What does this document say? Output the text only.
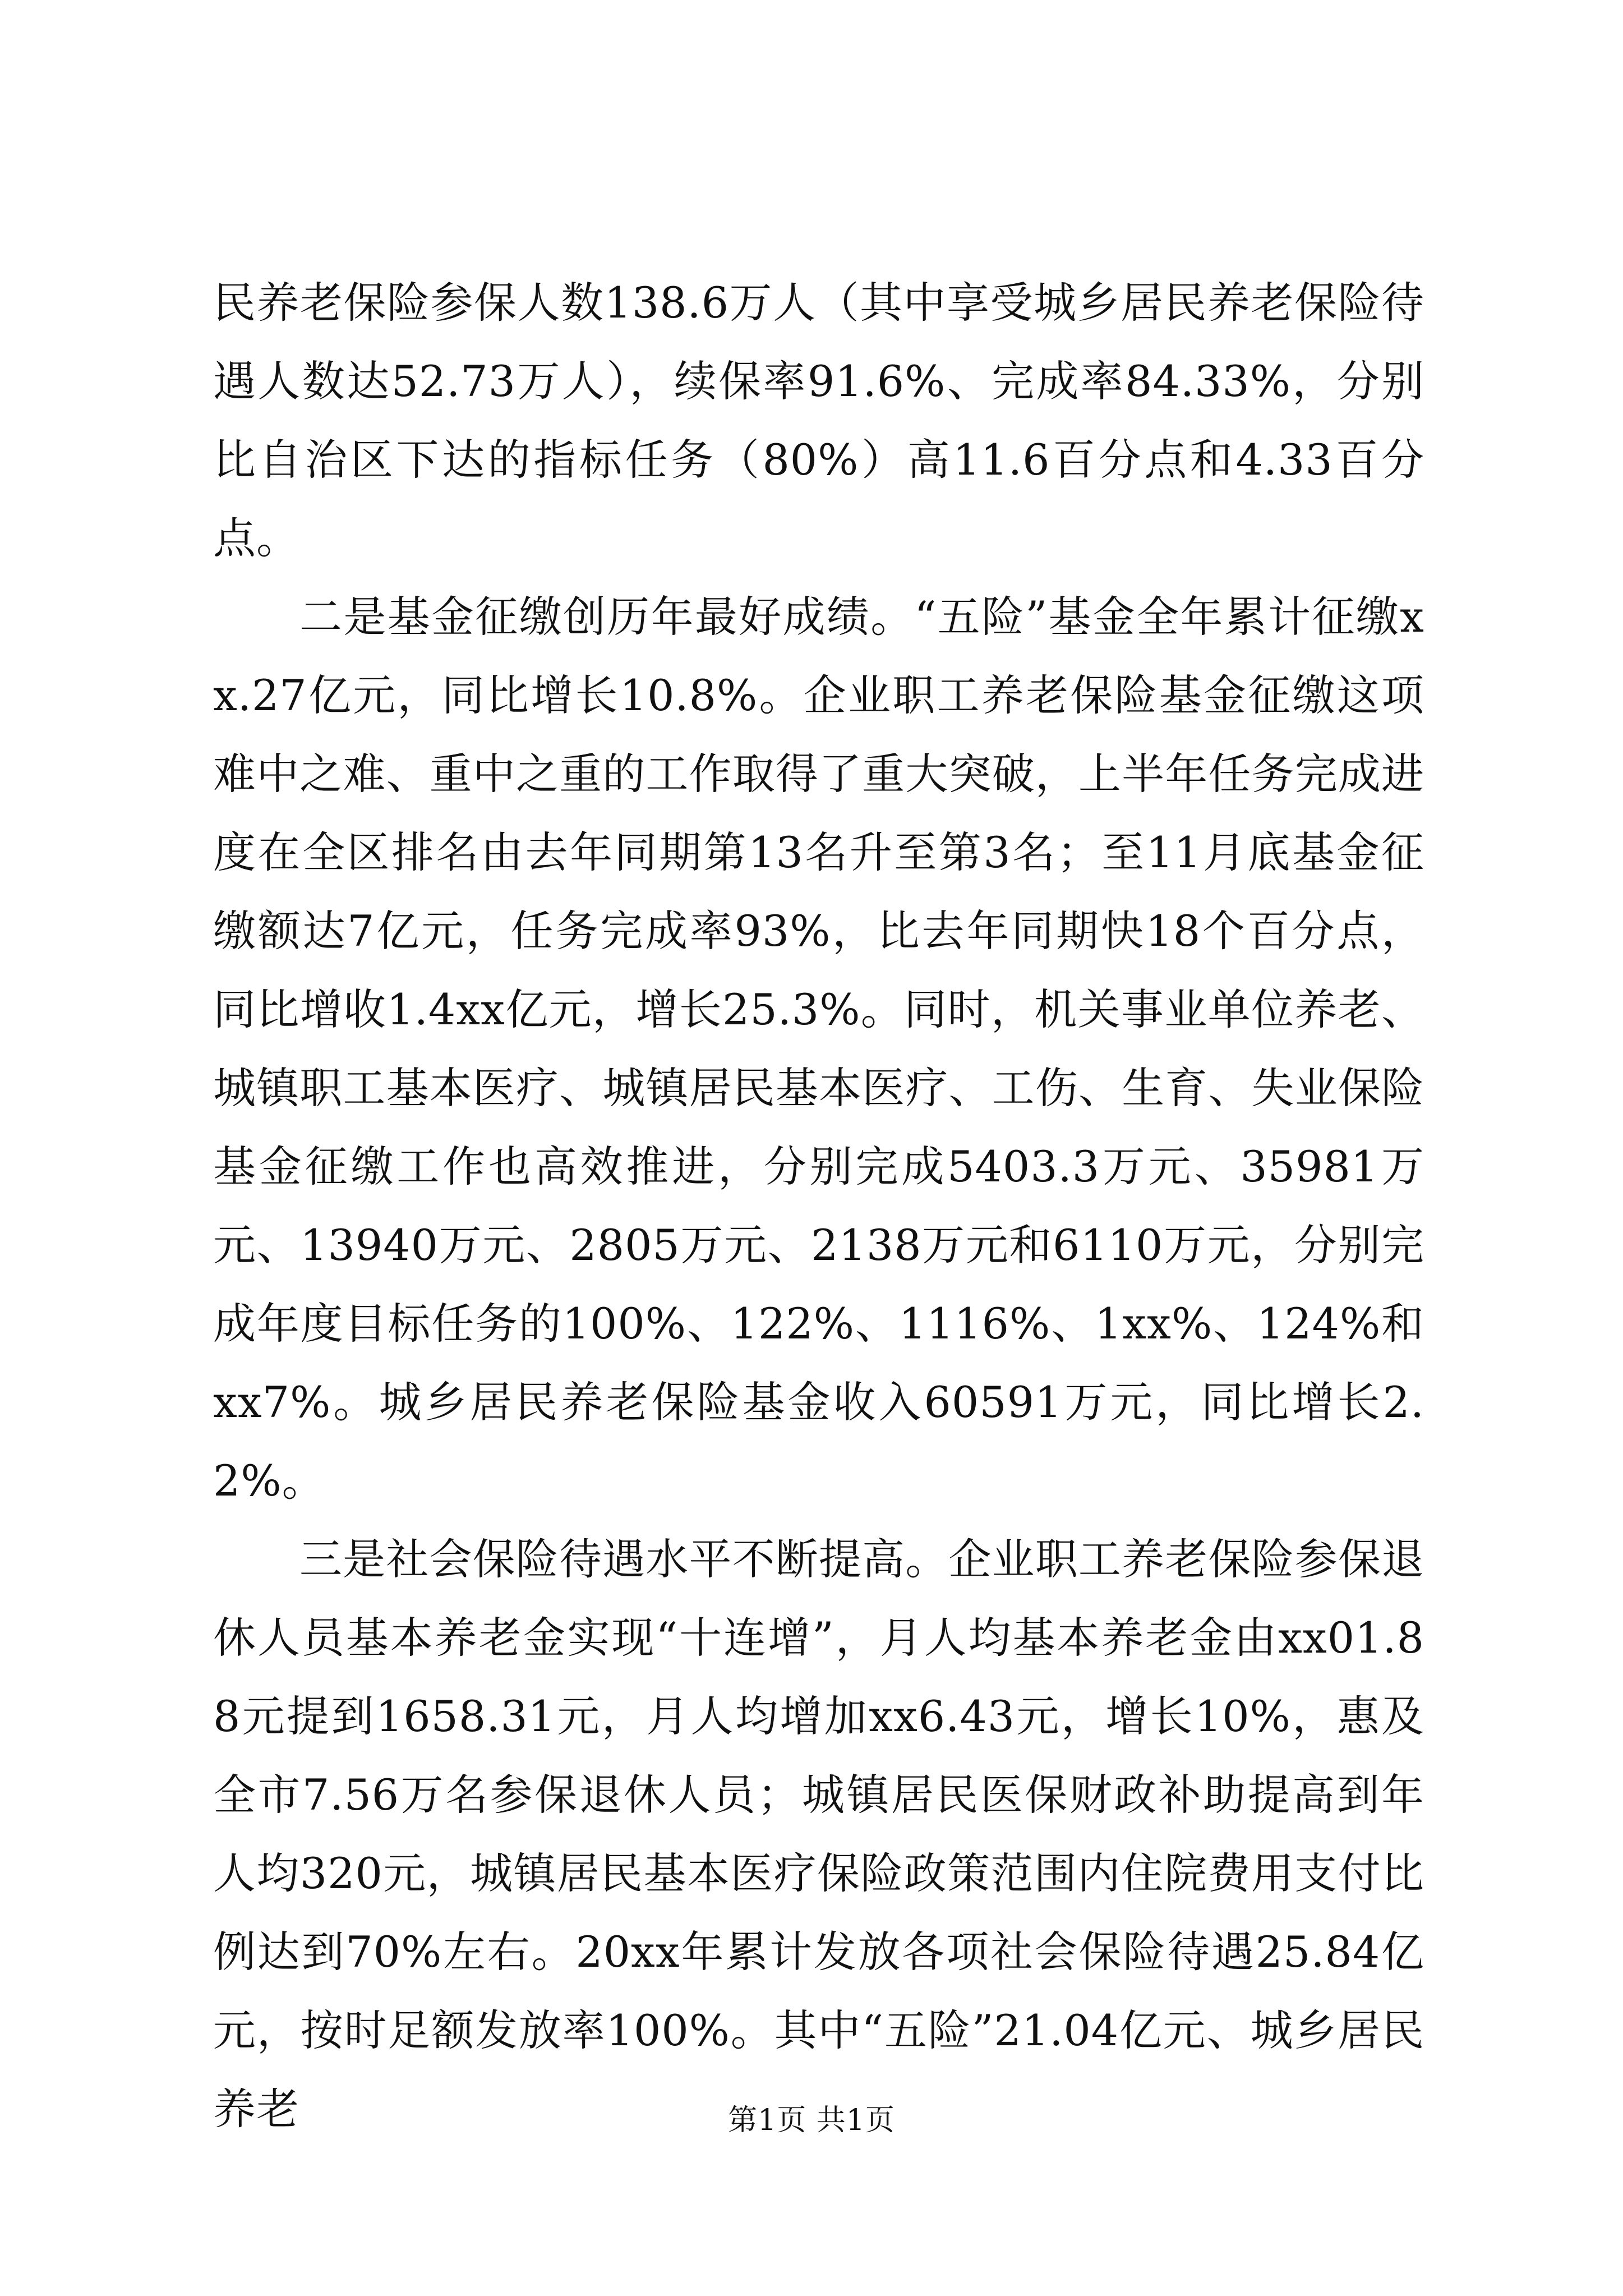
民养老保险参保人数138.6万人（其中享受城乡居民养老保险待遇人数达52.73万人），续保率91.6%、完成率84.33%，分别比自治区下达的指标任务（80%）高11.6百分点和4.33百分点。

二是基金征缴创历年最好成绩。“五险”基金全年累计征缴xx.27亿元，同比增长10.8%。企业职工养老保险基金征缴这项难中之难、重中之重的工作取得了重大突破，上半年任务完成进度在全区排名由去年同期第13名升至第3名；至11月底基金征缴额达7亿元，任务完成率93%，比去年同期快18个百分点，同比增收1.4xx亿元，增长25.3%。同时，机关事业单位养老、城镇职工基本医疗、城镇居民基本医疗、工伤、生育、失业保险基金征缴工作也高效推进，分别完成5403.3万元、35981万元、13940万元、2805万元、2138万元和6110万元，分别完成年度目标任务的100%、122%、1116%、1xx%、124%和xx7%。城乡居民养老保险基金收入60591万元，同比增长2.2%。

三是社会保险待遇水平不断提高。企业职工养老保险参保退休人员基本养老金实现“十连增”，月人均基本养老金由xx01.88元提到1658.31元，月人均增加xx6.43元，增长10%，惠及全市7.56万名参保退休人员；城镇居民医保财政补助提高到年人均320元，城镇居民基本医疗保险政策范围内住院费用支付比例达到70%左右。20xx年累计发放各项社会保险待遇25.84亿元，按时足额发放率100%。其中“五险”21.04亿元、城乡居民养老	第1页 共1页
